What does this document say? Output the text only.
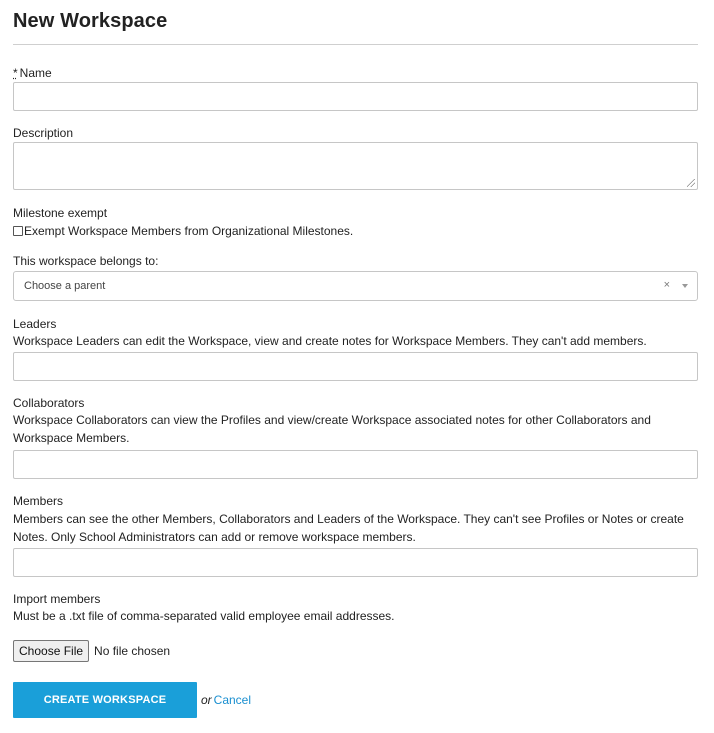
New Workspace
* Name
Description
Milestone exempt
Exempt Workspace Members from Organizational Milestones.
This workspace belongs to:
Choose a parent	×
Leaders
Workspace Leaders can edit the Workspace, view and create notes for Workspace Members. They can't add members.
Collaborators
Workspace Collaborators can view the Profiles and view/create Workspace associated notes for other Collaborators and Workspace Members.
Members
Members can see the other Members, Collaborators and Leaders of the Workspace. They can't see Profiles or Notes or create Notes. Only School Administrators can add or remove workspace members.
Import members
Must be a .txt file of comma-separated valid employee email addresses.
Choose File No file chosen
CREATE WORKSPACE	or Cancel
